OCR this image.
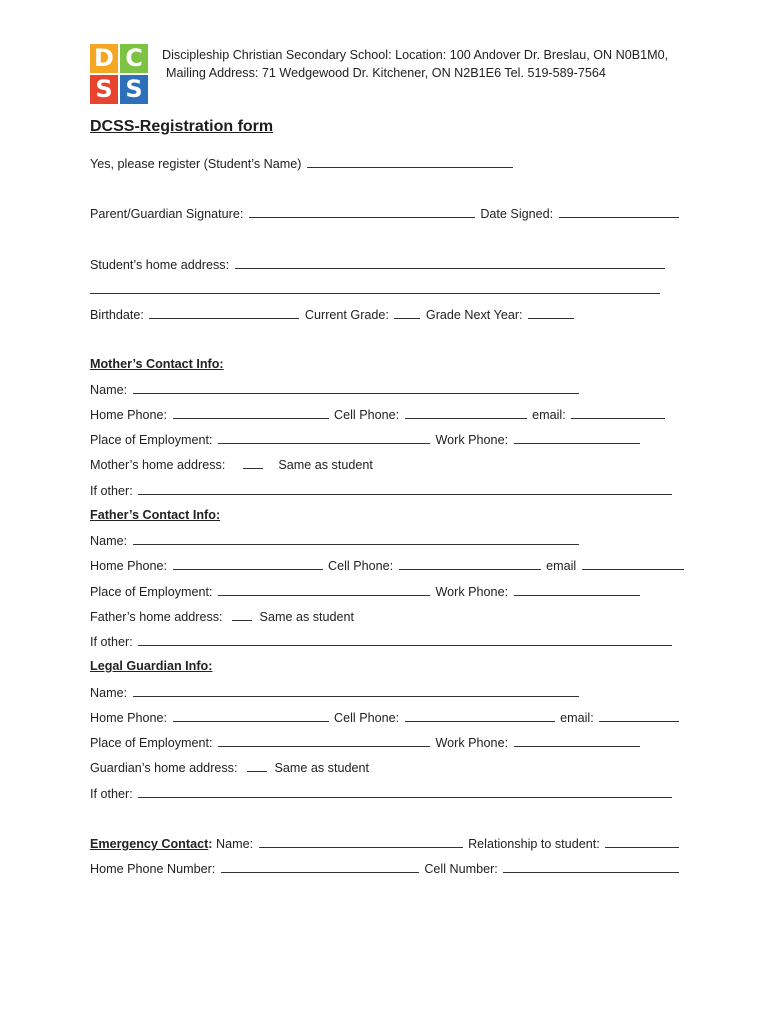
D C
S S
Discipleship Christian Secondary School: Location: 100 Andover Dr. Breslau, ON N0B1M0,
Mailing Address: 71 Wedgewood Dr. Kitchener, ON N2B1E6 Tel. 519-589-7564
DCSS-Registration form
Yes, please register (Student’s Name)
Parent/Guardian Signature:	Date Signed:
Student’s home address:
Birthdate:	Current Grade:	Grade Next Year:
Mother’s Contact Info:
Name:
Home Phone:	Cell Phone:	email:
Place of Employment:	Work Phone:
Mother’s home address:	Same as student
If other:
Father’s Contact Info:
Name:
Home Phone:	Cell Phone:	email
Place of Employment:	Work Phone:
Father’s home address:	Same as student
If other:
Legal Guardian Info:
Name:
Home Phone:	Cell Phone:	email:
Place of Employment:	Work Phone:
Guardian’s home address:	Same as student
If other:
Emergency Contact: Name:	Relationship to student:
Home Phone Number:	Cell Number:
